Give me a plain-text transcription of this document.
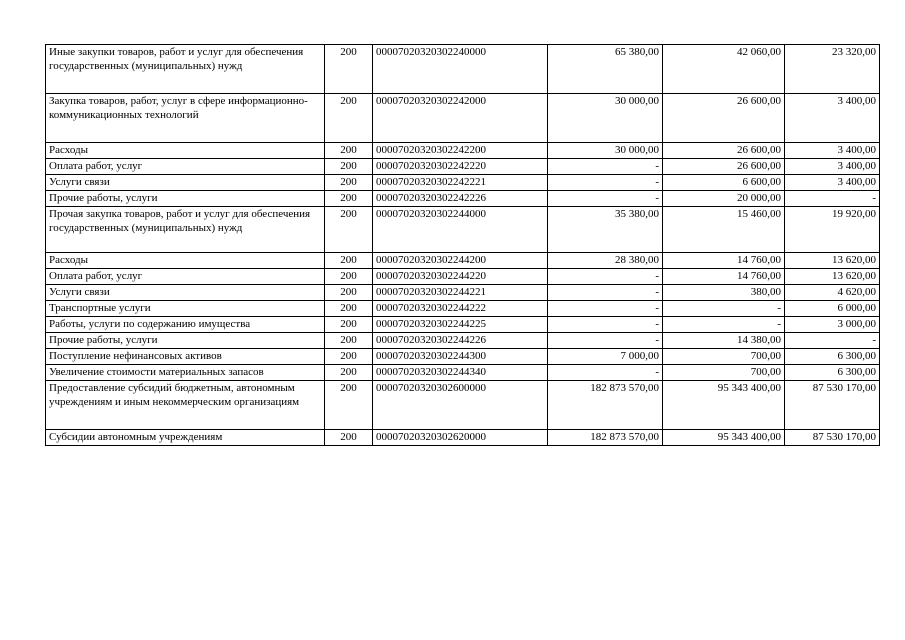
Иные закупки товаров, работ и услуг для обеспечения государственных (муниципальных) нужд	200	00007020320302240000	65 380,00	42 060,00	23 320,00
Закупка товаров, работ, услуг в сфере информационно-коммуникационных технологий	200	00007020320302242000	30 000,00	26 600,00	3 400,00
Расходы	200	00007020320302242200	30 000,00	26 600,00	3 400,00
Оплата работ, услуг	200	00007020320302242220	-	26 600,00	3 400,00
Услуги связи	200	00007020320302242221	-	6 600,00	3 400,00
Прочие работы, услуги	200	00007020320302242226	-	20 000,00	-
Прочая закупка товаров, работ и услуг для обеспечения государственных (муниципальных) нужд	200	00007020320302244000	35 380,00	15 460,00	19 920,00
Расходы	200	00007020320302244200	28 380,00	14 760,00	13 620,00
Оплата работ, услуг	200	00007020320302244220	-	14 760,00	13 620,00
Услуги связи	200	00007020320302244221	-	380,00	4 620,00
Транспортные услуги	200	00007020320302244222	-	-	6 000,00
Работы, услуги по содержанию имущества	200	00007020320302244225	-	-	3 000,00
Прочие работы, услуги	200	00007020320302244226	-	14 380,00	-
Поступление нефинансовых активов	200	00007020320302244300	7 000,00	700,00	6 300,00
Увеличение стоимости материальных запасов	200	00007020320302244340	-	700,00	6 300,00
Предоставление субсидий бюджетным, автономным учреждениям и иным некоммерческим организациям	200	00007020320302600000	182 873 570,00	95 343 400,00	87 530 170,00
Субсидии автономным учреждениям	200	00007020320302620000	182 873 570,00	95 343 400,00	87 530 170,00
